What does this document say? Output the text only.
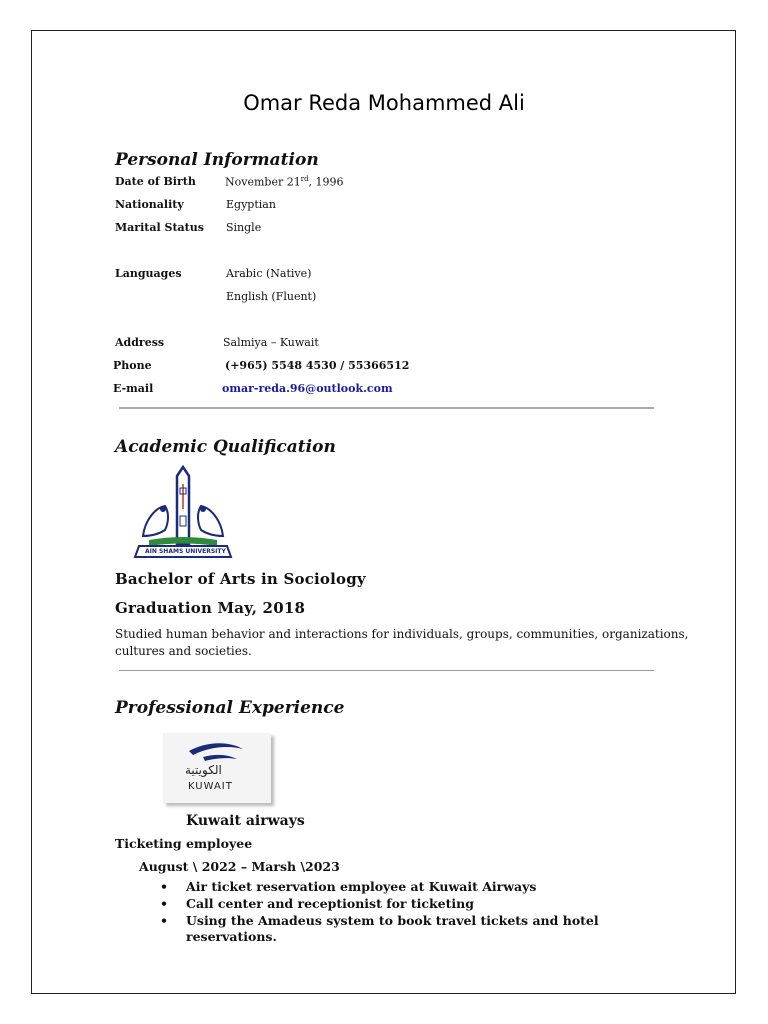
Omar Reda Mohammed Ali
Personal Information
Date of Birth	November 21rd, 1996
Nationality	Egyptian
Marital Status Single
Languages	Arabic (Native)
English (Fluent)
Address	Salmiya – Kuwait
Phone	(+965) 5548 4530 / 55366512
E-mail	omar-reda.96@outlook.com
Academic Qualification
AIN SHAMS UNIVERSITY
Bachelor of Arts in Sociology
Graduation May, 2018
Studied human behavior and interactions for individuals, groups, communities, organizations, cultures and societies.
Professional Experience
الكويتية
KUWAIT
Kuwait airways
Ticketing employee
August \ 2022 – Marsh \2023
• Air ticket reservation employee at Kuwait Airways
• Call center and receptionist for ticketing
• Using the Amadeus system to book travel tickets and hotel reservations.
